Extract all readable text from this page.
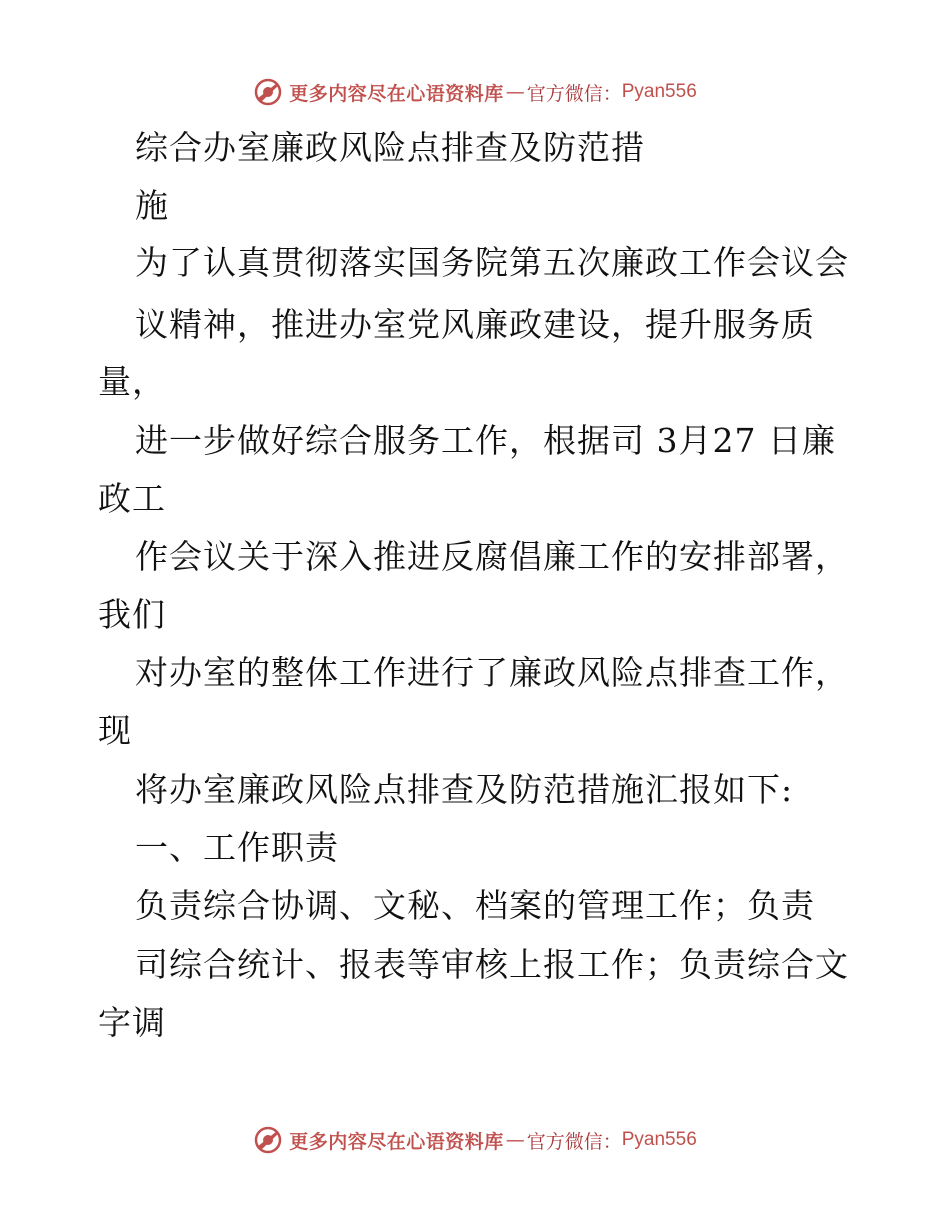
更多内容尽在心语资料库 — 官方微信： Pyan556
综合办室廉政风险点排查及防范措
施
为了认真贯彻落实国务院第五次廉政工作会议会
议精神，推进办室党风廉政建设，提升服务质
量，
进一步做好综合服务工作，根据司 3月27 日廉
政工
作会议关于深入推进反腐倡廉工作的安排部署，
我们
对办室的整体工作进行了廉政风险点排查工作，
现
将办室廉政风险点排查及防范措施汇报如下:
一、工作职责
负责综合协调、文秘、档案的管理工作；负责
司综合统计、报表等审核上报工作；负责综合文
字调
更多内容尽在心语资料库 — 官方微信： Pyan556
